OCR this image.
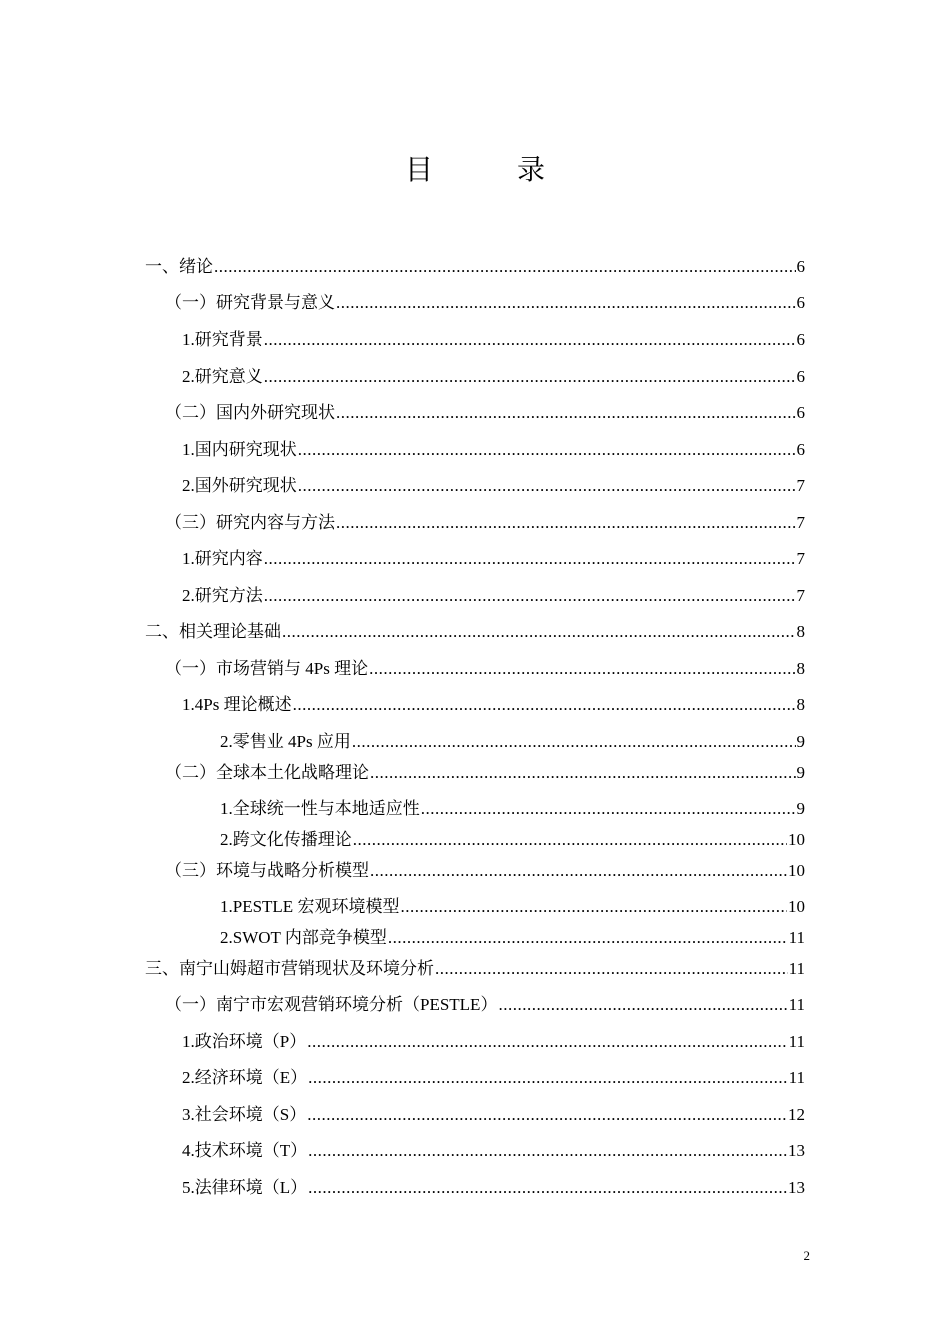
目　录
一、绪论 .....	6
（一）研究背景与意义 .....	6
1.研究背景 .....	6
2.研究意义 .....	6
（二）国内外研究现状 .....	6
1.国内研究现状 .....	6
2.国外研究现状 .....	7
（三）研究内容与方法 .....	7
1.研究内容 .....	7
2.研究方法 .....	7
二、相关理论基础 .....	8
（一）市场营销与 4Ps 理论 .....	8
1.4Ps 理论概述 .....	8
2.零售业 4Ps 应用 .....	9
（二）全球本土化战略理论 .....	9
1.全球统一性与本地适应性 .....	9
2.跨文化传播理论 .....	10
（三）环境与战略分析模型 .....	10
1.PESTLE 宏观环境模型 .....	10
2.SWOT 内部竞争模型 .....	11
三、南宁山姆超市营销现状及环境分析 .....	11
（一）南宁市宏观营销环境分析（PESTLE） .....	11
1.政治环境（P） .....	11
2.经济环境（E） .....	11
3.社会环境（S） .....	12
4.技术环境（T） .....	13
5.法律环境（L） .....	13
2
